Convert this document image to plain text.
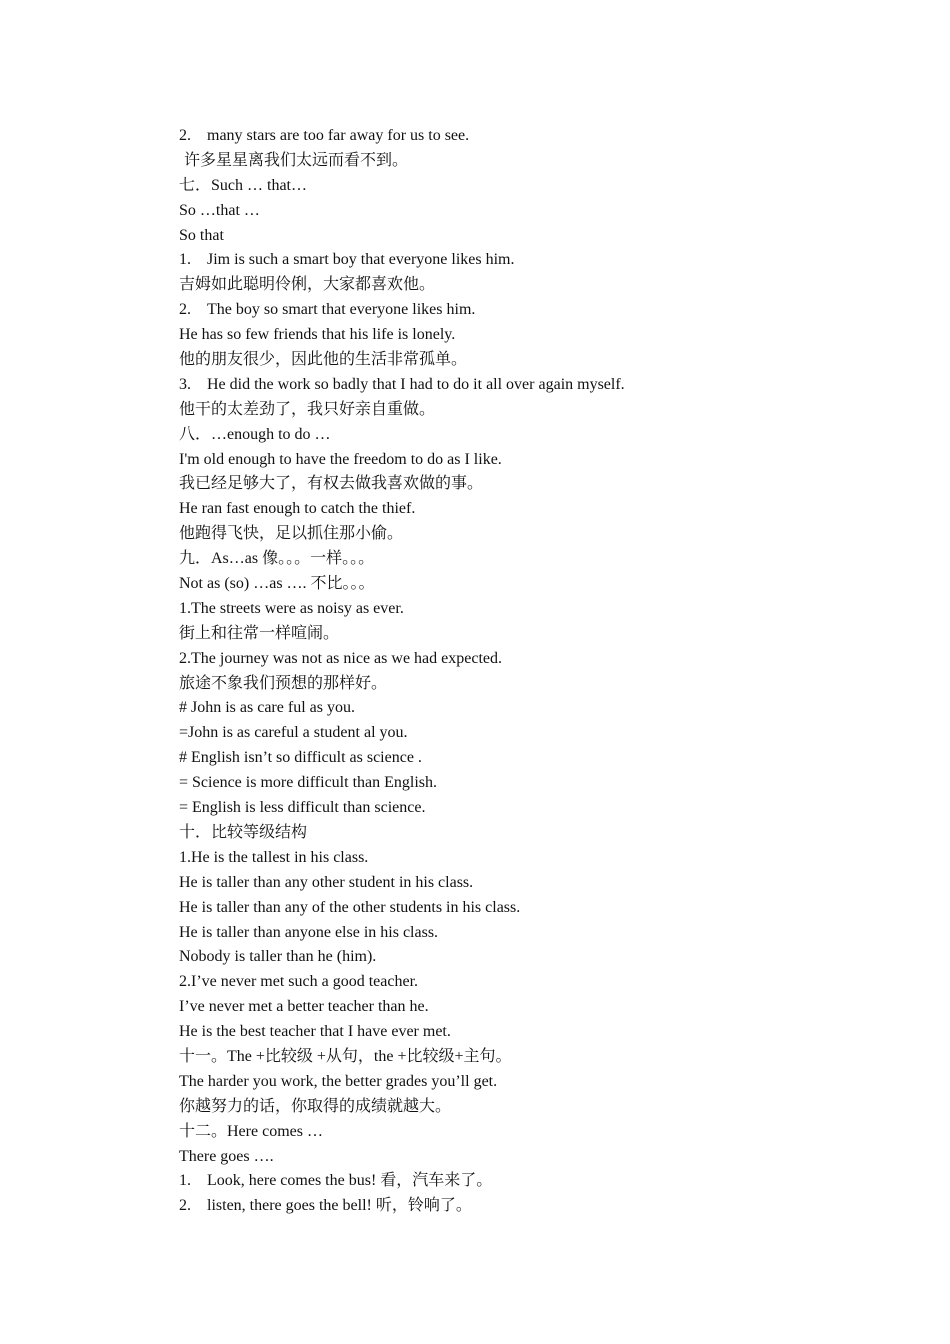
2. many stars are too far away for us to see.
许多星星离我们太远而看不到。
七．Such … that…
So …that …
So that
1. Jim is such a smart boy that everyone likes him.
吉姆如此聪明伶俐，大家都喜欢他。
2. The boy so smart that everyone likes him.
He has so few friends that his life is lonely.
他的朋友很少，因此他的生活非常孤单。
3. He did the work so badly that I had to do it all over again myself.
他干的太差劲了，我只好亲自重做。
八．…enough to do …
I'm old enough to have the freedom to do as I like.
我已经足够大了，有权去做我喜欢做的事。
He ran fast enough to catch the thief.
他跑得飞快，足以抓住那小偷。
九．As…as 像。。。一样。。。
Not as (so) …as …. 不比。。。
1.The streets were as noisy as ever.
街上和往常一样喧闹。
2.The journey was not as nice as we had expected.
旅途不象我们预想的那样好。
# John is as care ful as you.
=John is as careful a student al you.
# English isn’t so difficult as science .
= Science is more difficult than English.
= English is less difficult than science.
十．比较等级结构
1.He is the tallest in his class.
He is taller than any other student in his class.
He is taller than any of the other students in his class.
He is taller than anyone else in his class.
Nobody is taller than he (him).
2.I’ve never met such a good teacher.
I’ve never met a better teacher than he.
He is the best teacher that I have ever met.
十一。The +比较级 +从句，the +比较级+主句。
The harder you work, the better grades you’ll get.
你越努力的话，你取得的成绩就越大。
十二。Here comes …
There goes ….
1. Look, here comes the bus! 看，汽车来了。
2. listen, there goes the bell! 听，铃响了。
